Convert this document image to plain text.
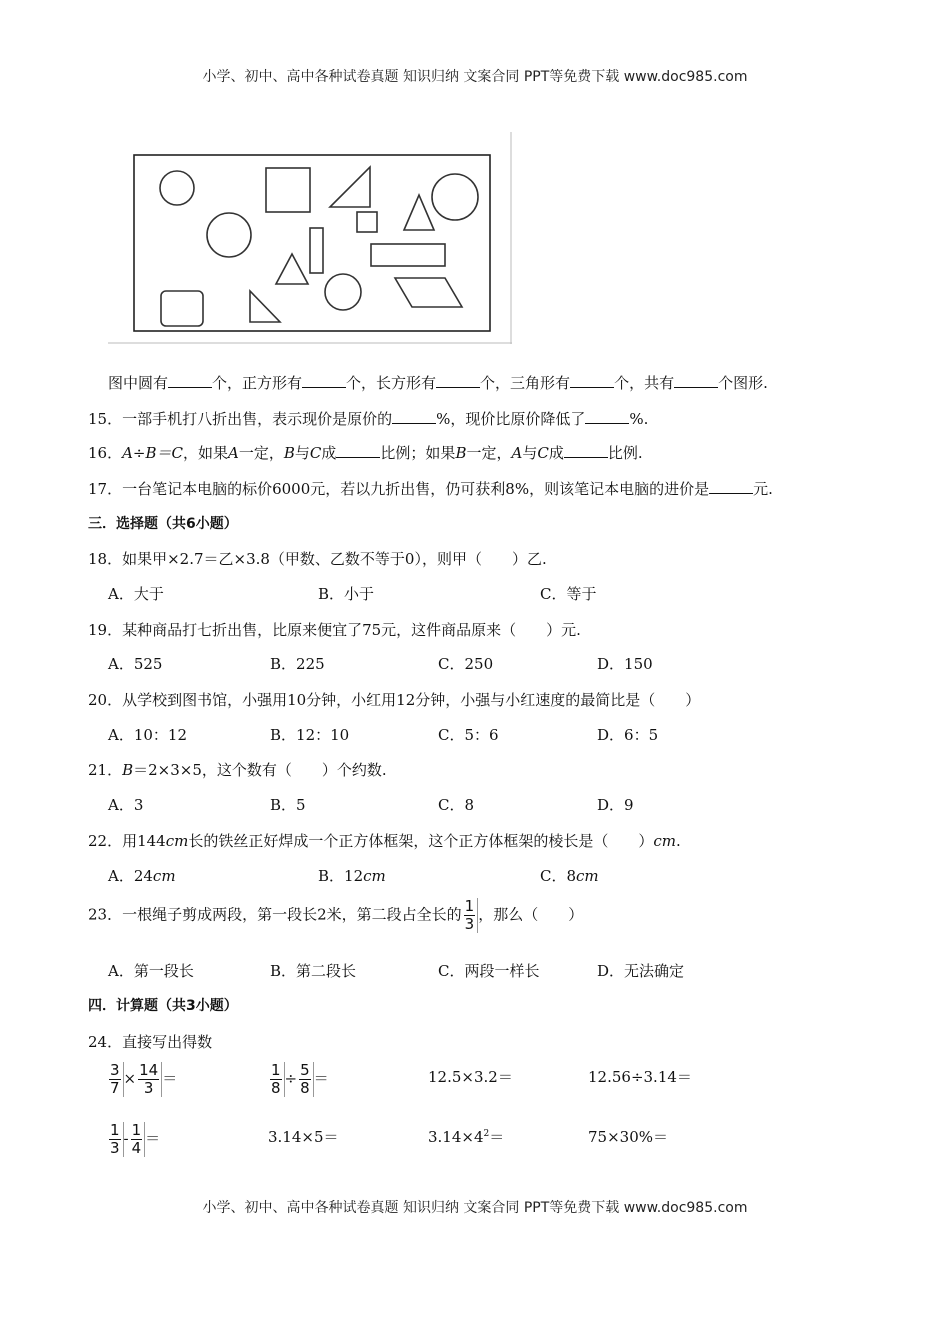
小学、初中、高中各种试卷真题 知识归纳 文案合同 PPT等免费下载 www.doc985.com
图中圆有	个，正方形有	个，长方形有	个，三角形有	个，共有	个图形.
15．一部手机打八折出售，表示现价是原价的	%，现价比原价降低了	%.
16．A÷B＝C，如果A一定，B与C成	比例；如果B一定，A与C成	比例.
17．一台笔记本电脑的标价6000元，若以九折出售，仍可获利8%，则该笔记本电脑的进价是	元.
三．选择题（共6小题）
18．如果甲×2.7＝乙×3.8（甲数、乙数不等于0），则甲（　　）乙.
A．大于	B．小于	C．等于
19．某种商品打七折出售，比原来便宜了75元，这件商品原来（　　）元.
A．525	B．225	C．250	D．150
20．从学校到图书馆，小强用10分钟，小红用12分钟，小强与小红速度的最简比是（　　）
A．10：12	B．12：10	C．5：6	D．6：5
21．B＝2×3×5，这个数有（　　）个约数.
A．3	B．5	C．8	D．9
22．用144cm长的铁丝正好焊成一个正方体框架，这个正方体框架的棱长是（　　）cm.
A．24cm	B．12cm	C．8cm
23．一根绳子剪成两段，第一段长2米，第二段占全长的 $\frac{1}{3}$ ，那么（　　）
A．第一段长	B．第二段长	C．两段一样长	D．无法确定
四．计算题（共3小题）
24．直接写出得数
$\frac{3}{7} \times \frac{14}{3}$ ＝	$\frac{1}{8} \div \frac{5}{8}$ ＝	12.5×3.2＝	12.56÷3.14＝
$\frac{1}{3} - \frac{1}{4}$ ＝	3.14×5＝	$3.14\times 4^2=$	75×30%＝
小学、初中、高中各种试卷真题 知识归纳 文案合同 PPT等免费下载 www.doc985.com
